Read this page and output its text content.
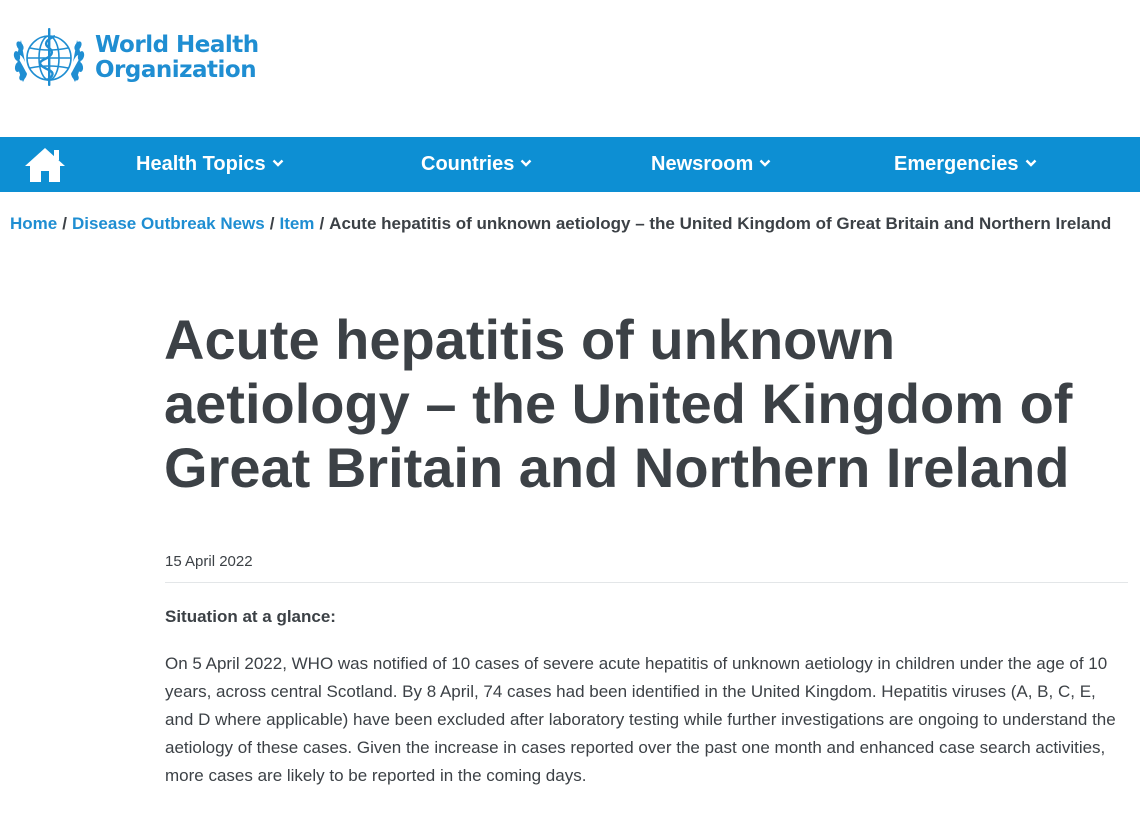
World Health
Organization
Health Topics	Countries	Newsroom	Emergencies
Home / Disease Outbreak News / Item / Acute hepatitis of unknown aetiology – the United Kingdom of Great Britain and Northern Ireland
Acute hepatitis of unknown aetiology – the United Kingdom of Great Britain and Northern Ireland
15 April 2022
Situation at a glance:

On 5 April 2022, WHO was notified of 10 cases of severe acute hepatitis of unknown aetiology in children under the age of 10 years, across central Scotland. By 8 April, 74 cases had been identified in the United Kingdom. Hepatitis viruses (A, B, C, E, and D where applicable) have been excluded after laboratory testing while further investigations are ongoing to understand the aetiology of these cases. Given the increase in cases reported over the past one month and enhanced case search activities, more cases are likely to be reported in the coming days.
